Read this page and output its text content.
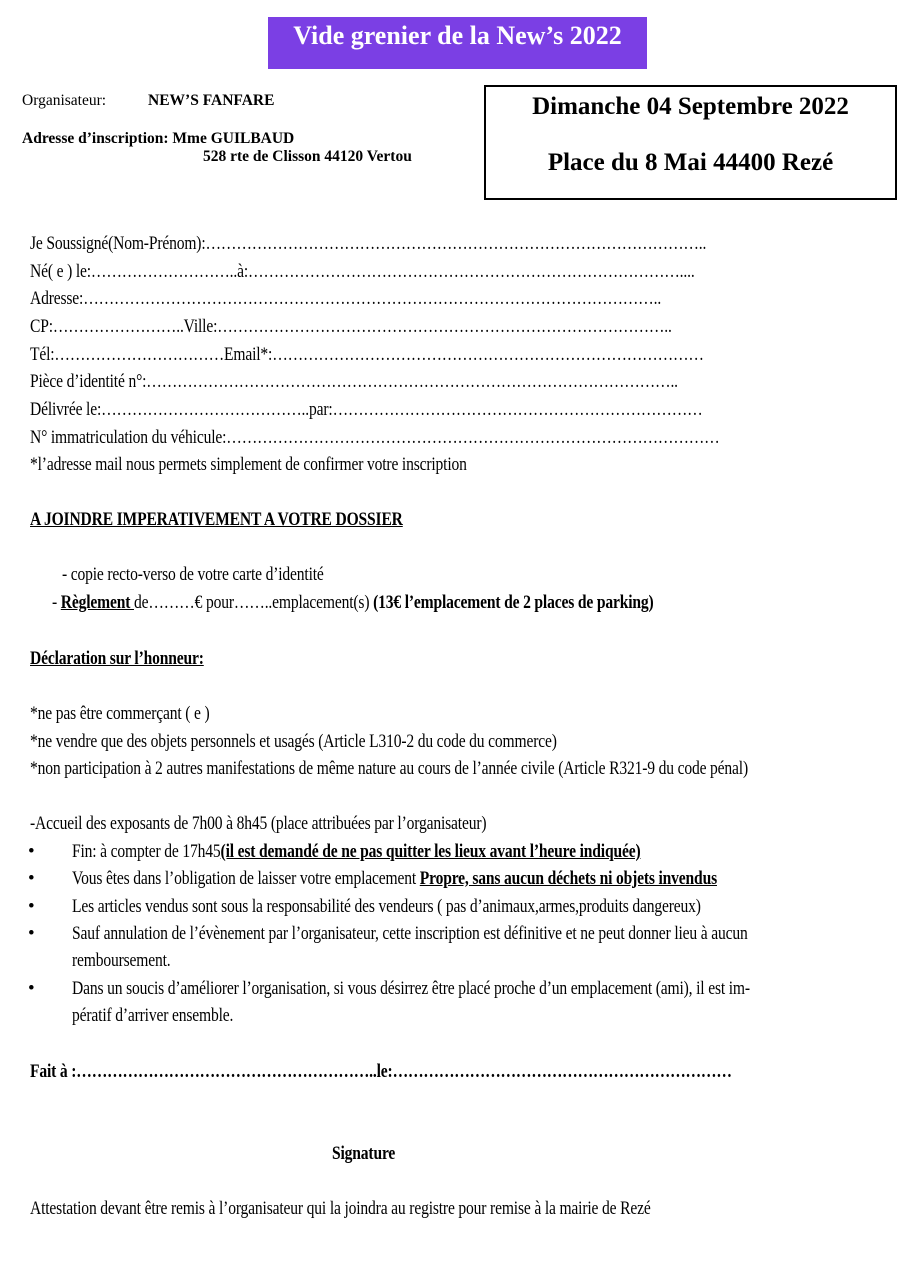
Vide grenier de la New’s 2022
Organisateur:	NEW’S FANFARE
Adresse d’inscription: Mme GUILBAUD
528 rte de Clisson 44120 Vertou
Dimanche 04 Septembre 2022
Place du 8 Mai 44400 Rezé
Je Soussigné(Nom-Prénom):……………………………………………………………………………………..
Né( e ) le:………………………..à:…………………………………………………………………………....
Adresse:…………………………………………………………………………………………………..
CP:……………………..Ville:……………………………………………………………………………..
Tél:……………………………Email*:…………………………………………………………………………
Pièce d’identité n°:…………………………………………………………………………………………..
Délivrée le:…………………………………..par:………………………………………………………………
N° immatriculation du véhicule:……………………………………………………………………………………
*l’adresse mail nous permets simplement de confirmer votre inscription
A JOINDRE IMPERATIVEMENT A VOTRE DOSSIER
- copie recto-verso de votre carte d’identité
- Règlement de………€ pour……..emplacement(s) (13€ l’emplacement de 2 places de parking)
Déclaration sur l’honneur:
*ne pas être commerçant ( e )
*ne vendre que des objets personnels et usagés (Article L310-2 du code du commerce)
*non participation à 2 autres manifestations de même nature au cours de l’année civile (Article R321-9 du code pénal)
-Accueil des exposants de 7h00 à 8h45 (place attribuées par l’organisateur)
• Fin: à compter de 17h45(il est demandé de ne pas quitter les lieux avant l’heure indiquée)
• Vous êtes dans l’obligation de laisser votre emplacement Propre, sans aucun déchets ni objets invendus
• Les articles vendus sont sous la responsabilité des vendeurs ( pas d’animaux,armes,produits dangereux)
• Sauf annulation de l’évènement par l’organisateur, cette inscription est définitive et ne peut donner lieu à aucun
remboursement.
• Dans un soucis d’améliorer l’organisation, si vous désirrez être placé proche d’un emplacement (ami), il est im-
pératif d’arriver ensemble.
Fait à :…………………………………………………..le:…………………………………………………………
Signature
Attestation devant être remis à l’organisateur qui la joindra au registre pour remise à la mairie de Rezé
